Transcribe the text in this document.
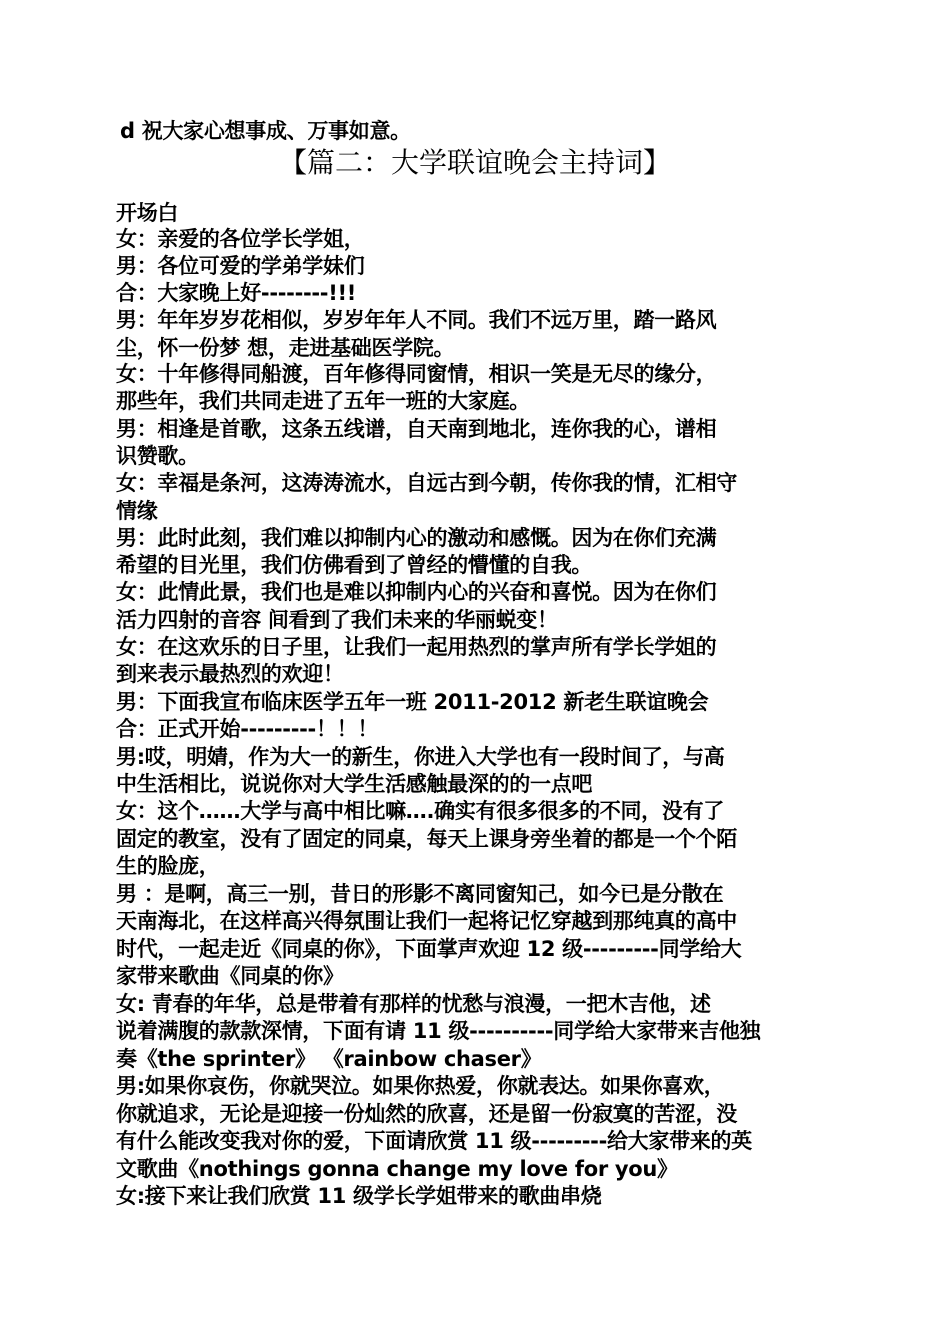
d 祝大家心想事成、万事如意。
【篇二：大学联谊晚会主持词】
开场白
女：亲爱的各位学长学姐，
男：各位可爱的学弟学妹们
合：大家晚上好--------!!!
男：年年岁岁花相似，岁岁年年人不同。我们不远万里，踏一路风
尘，怀一份梦 想，走进基础医学院。
女：十年修得同船渡，百年修得同窗情，相识一笑是无尽的缘分，
那些年，我们共同走进了五年一班的大家庭。
男：相逢是首歌，这条五线谱，自天南到地北，连你我的心，谱相
识赞歌。
女：幸福是条河，这涛涛流水，自远古到今朝，传你我的情，汇相守
情缘
男：此时此刻，我们难以抑制内心的激动和感慨。因为在你们充满
希望的目光里，我们仿佛看到了曾经的懵懂的自我。
女：此情此景，我们也是难以抑制内心的兴奋和喜悦。因为在你们
活力四射的音容 间看到了我们未来的华丽蜕变！
女：在这欢乐的日子里，让我们一起用热烈的掌声所有学长学姐的
到来表示最热烈的欢迎！
男：下面我宣布临床医学五年一班 2011-2012 新老生联谊晚会
合：正式开始---------！！！
男:哎，明婧，作为大一的新生，你进入大学也有一段时间了，与高
中生活相比，说说你对大学生活感触最深的的一点吧
女：这个……大学与高中相比嘛….确实有很多很多的不同，没有了
固定的教室，没有了固定的同桌，每天上课身旁坐着的都是一个个陌
生的脸庞，
男 ：是啊，高三一别，昔日的形影不离同窗知己，如今已是分散在
天南海北，在这样高兴得氛围让我们一起将记忆穿越到那纯真的高中
时代，一起走近《同桌的你》，下面掌声欢迎 12 级---------同学给大
家带来歌曲《同桌的你》
女: 青春的年华，总是带着有那样的忧愁与浪漫，一把木吉他，述
说着满腹的款款深情，下面有请 11 级----------同学给大家带来吉他独
奏《the sprinter》 《rainbow chaser》
男:如果你哀伤，你就哭泣。如果你热爱，你就表达。如果你喜欢，
你就追求，无论是迎接一份灿然的欣喜，还是留一份寂寞的苦涩，没
有什么能改变我对你的爱，下面请欣赏 11 级---------给大家带来的英
文歌曲《nothings gonna change my love for you》
女:接下来让我们欣赏 11 级学长学姐带来的歌曲串烧
